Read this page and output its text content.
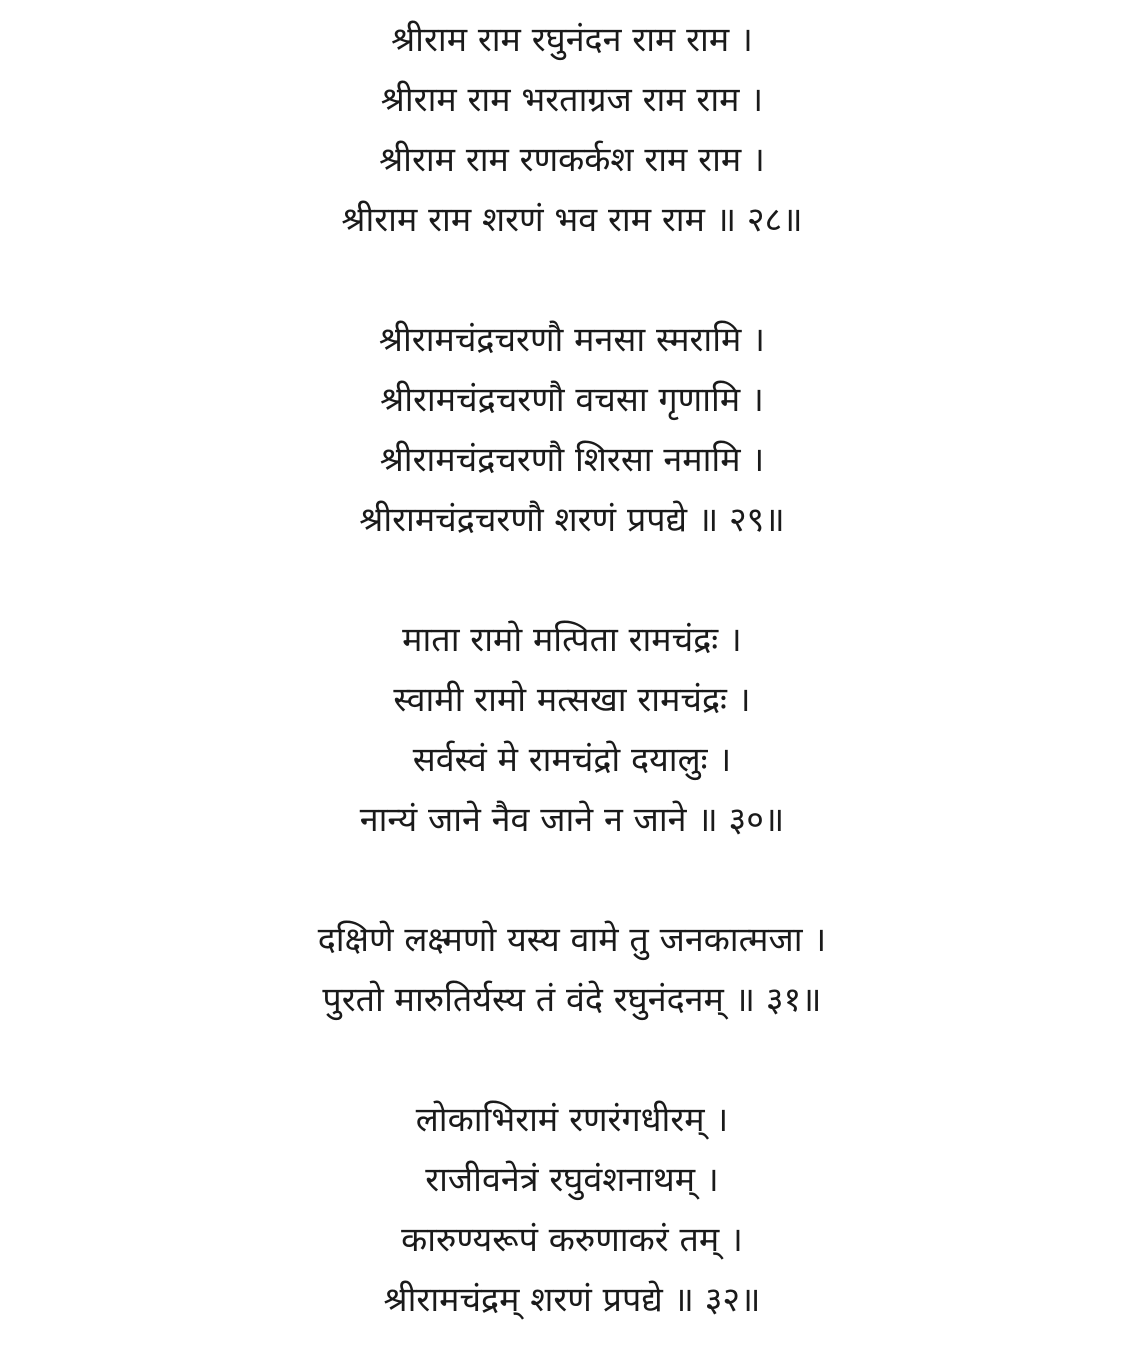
श्रीराम राम रघुनंदन राम राम ।
श्रीराम राम भरताग्रज राम राम ।
श्रीराम राम रणकर्कश राम राम ।
श्रीराम राम शरणं भव राम राम ॥ २८॥
श्रीरामचंद्रचरणौ मनसा स्मरामि ।
श्रीरामचंद्रचरणौ वचसा गृणामि ।
श्रीरामचंद्रचरणौ शिरसा नमामि ।
श्रीरामचंद्रचरणौ शरणं प्रपद्ये ॥ २९॥
माता रामो मत्पिता रामचंद्रः ।
स्वामी रामो मत्सखा रामचंद्रः ।
सर्वस्वं मे रामचंद्रो दयालुः ।
नान्यं जाने नैव जाने न जाने ॥ ३०॥
दक्षिणे लक्ष्मणो यस्य वामे तु जनकात्मजा ।
पुरतो मारुतिर्यस्य तं वंदे रघुनंदनम् ॥ ३१॥
लोकाभिरामं रणरंगधीरम् ।
राजीवनेत्रं रघुवंशनाथम् ।
कारुण्यरूपं करुणाकरं तम् ।
श्रीरामचंद्रम् शरणं प्रपद्ये ॥ ३२॥
